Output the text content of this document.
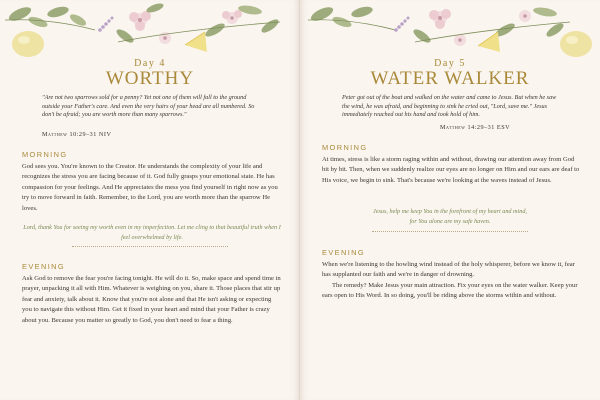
Day 4
WORTHY
"Are not two sparrows sold for a penny? Yet not one of them will fall to the ground outside your Father's care. And even the very hairs of your head are all numbered. So don't be afraid; you are worth more than many sparrows."
Matthew 10:29–31 NIV
MORNING

God sees you. You're known to the Creator. He understands the complexity of your life and recognizes the stress you are facing because of it. God fully grasps your emotional state. He has compassion for your feelings. And He appreciates the mess you find yourself in right now as you try to move forward in faith. Remember, to the Lord, you are worth more than the sparrow He loves.

Lord, thank You for seeing my worth even in my imperfection. Let me cling to that beautiful truth when I feel overwhelmed by life.
EVENING

Ask God to remove the fear you're facing tonight. He will do it. So, make space and spend time in prayer, unpacking it all with Him. Whatever is weighing on you, share it. Those places that stir up fear and anxiety, talk about it. Know that you're not alone and that He isn't asking or expecting you to navigate this without Him. Get it fixed in your heart and mind that your Father is crazy about you. Because you matter so greatly to God, you don't need to fear a thing.

Day 5
WATER WALKER
Peter got out of the boat and walked on the water and came to Jesus. But when he saw the wind, he was afraid, and beginning to sink he cried out, "Lord, save me." Jesus immediately reached out his hand and took hold of him.
Matthew 14:29–31 ESV
MORNING

At times, stress is like a storm raging within and without, drawing our attention away from God bit by bit. Then, when we suddenly realize our eyes are no longer on Him and our ears are deaf to His voice, we begin to sink. That's because we're looking at the waves instead of Jesus.

Jesus, help me keep You in the forefront of my heart and mind, for You alone are my safe haven.
EVENING

When we're listening to the howling wind instead of the holy whisperer, before we know it, fear has supplanted our faith and we're in danger of drowning.

The remedy? Make Jesus your main attraction. Fix your eyes on the water walker. Keep your ears open to His Word. In so doing, you'll be riding above the storms within and without.
